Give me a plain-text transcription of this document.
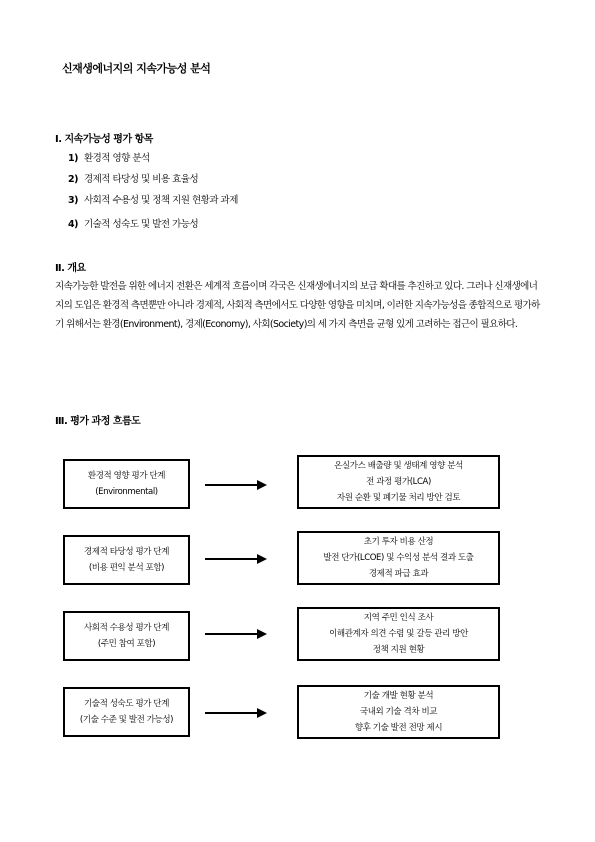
신재생에너지의 지속가능성 분석
Ⅰ. 지속가능성 평가 항목
1) 환경적 영향 분석
2) 경제적 타당성 및 비용 효율성
3) 사회적 수용성 및 정책 지원 현황과 과제
4) 기술적 성숙도 및 발전 가능성
Ⅱ. 개요
지속가능한 발전을 위한 에너지 전환은 세계적 흐름이며 각국은 신재생에너지의 보급 확대를 추진하고 있다. 그러나 신재생에너지의 도입은 환경적 측면뿐만 아니라 경제적, 사회적 측면에서도 다양한 영향을 미치며, 이러한 지속가능성을 종합적으로 평가하기 위해서는 환경(Environment), 경제(Economy), 사회(Society)의 세 가지 측면을 균형 있게 고려하는 접근이 필요하다.
Ⅲ. 평가 과정 흐름도
환경적 영향 평가 단계
(Environmental)
온실가스 배출량 및 생태계 영향 분석
전 과정 평가(LCA)
자원 순환 및 폐기물 처리 방안 검토
경제적 타당성 평가 단계
(비용 편익 분석 포함)
초기 투자 비용 산정
발전 단가(LCOE) 및 수익성 분석 결과 도출
경제적 파급 효과
사회적 수용성 평가 단계
(주민 참여 포함)
지역 주민 인식 조사
이해관계자 의견 수렴 및 갈등 관리 방안
정책 지원 현황
기술적 성숙도 평가 단계
(기술 수준 및 발전 가능성)
기술 개발 현황 분석
국내외 기술 격차 비교
향후 기술 발전 전망 제시
